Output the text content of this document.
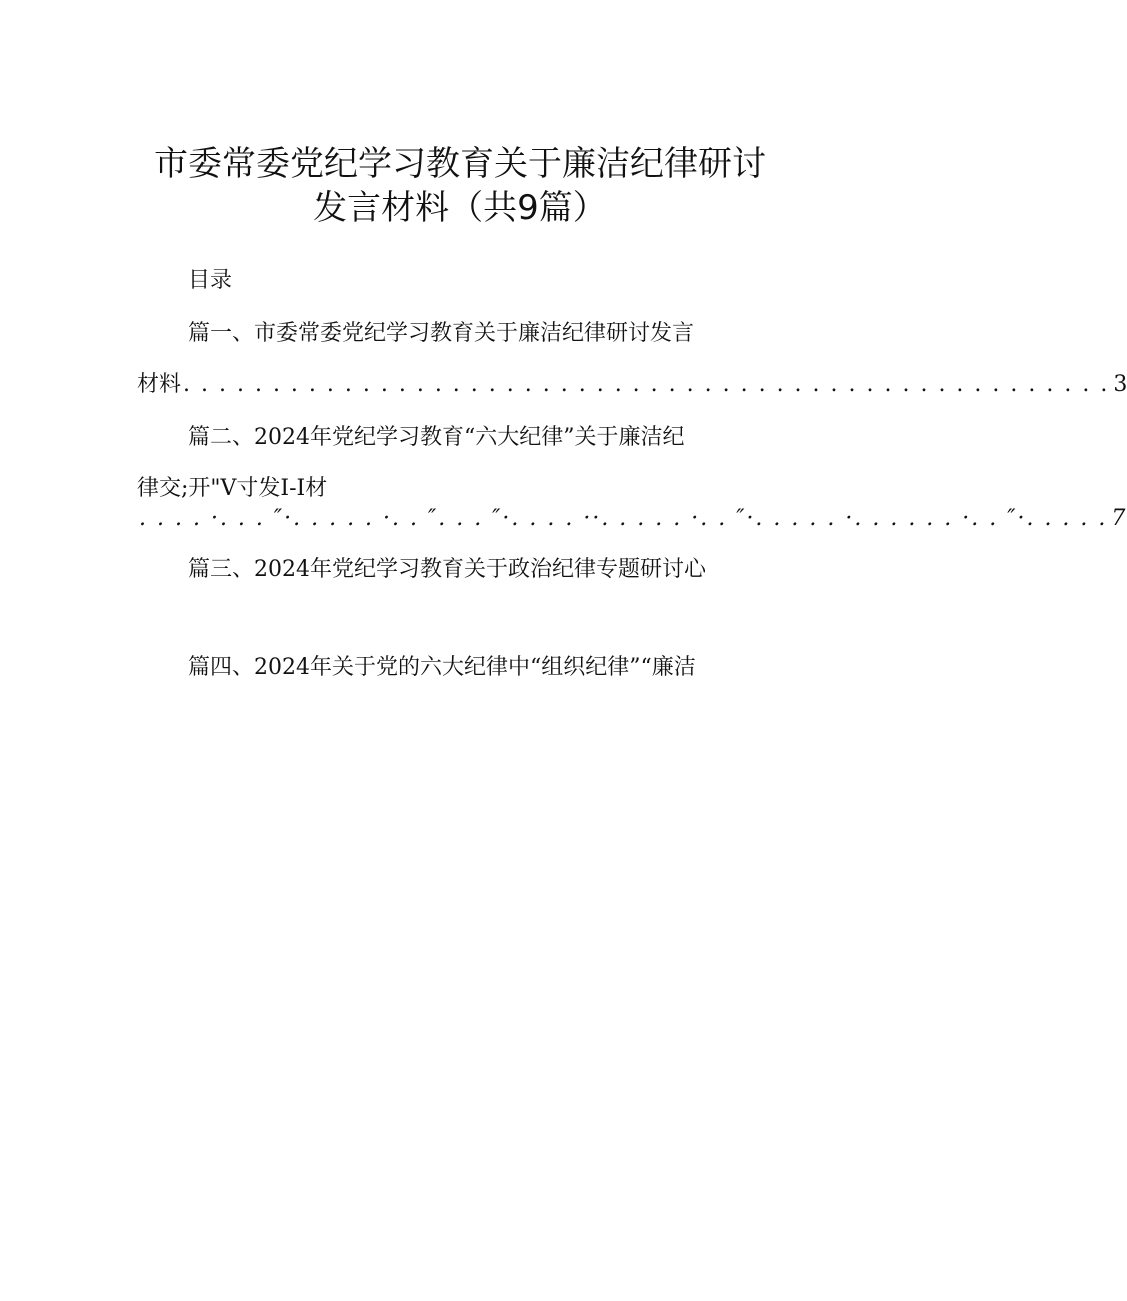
市委常委党纪学习教育关于廉洁纪律研讨
发言材料（共9篇）
目录
篇一、市委常委党纪学习教育关于廉洁纪律研讨发言
材料 . . . . . . . . . . . . . . . . . . . . . . . . . . . . . . . . . . . . . . . . . . . . . . . . . . . . 3
篇二、2024年党纪学习教育“六大纪律”关于廉洁纪
律交;开"V寸发I-I材
. . . . ·. . . ″·. . . . . ·. . ″. . . ″·. . . . ··. . . . . ·. . ″·. . . . . ·. . . . . . ·. . ″·. . . . . 7
篇三、2024年党纪学习教育关于政治纪律专题研讨心
篇四、2024年关于党的六大纪律中“组织纪律”“廉洁
